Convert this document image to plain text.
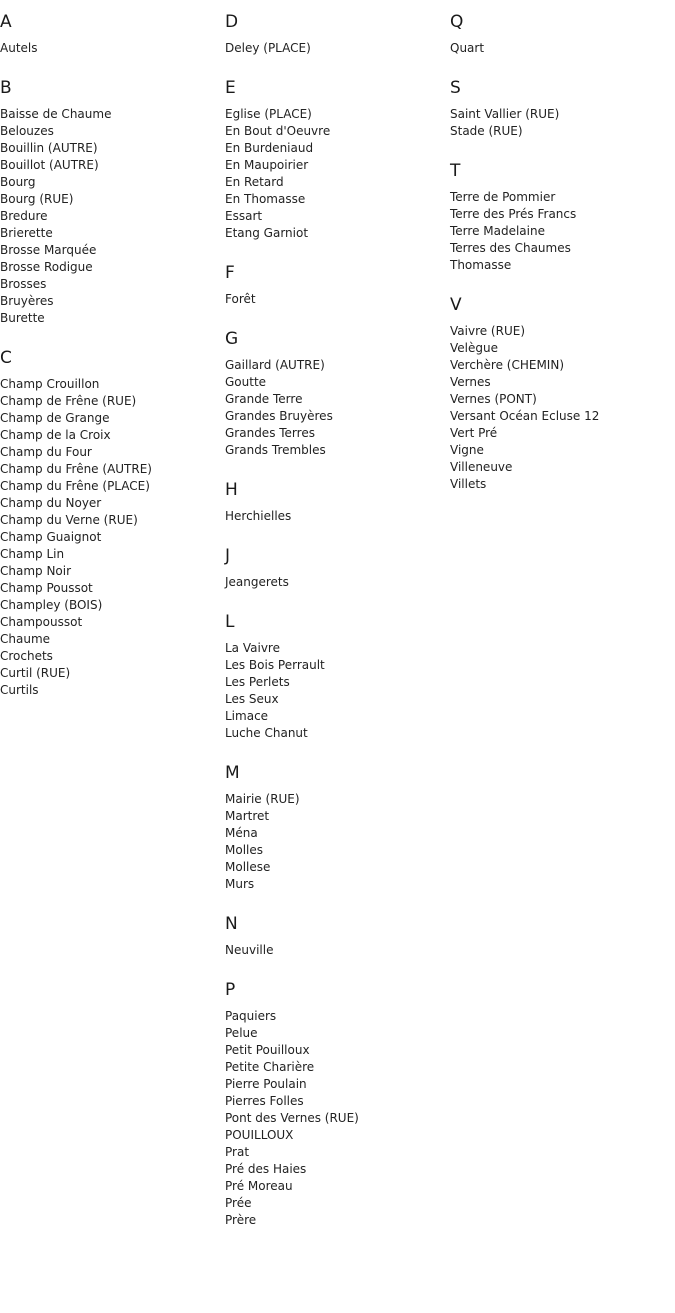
A
Autels
B
Baisse de Chaume
Belouzes
Bouillin (AUTRE)
Bouillot (AUTRE)
Bourg
Bourg (RUE)
Bredure
Brierette
Brosse Marquée
Brosse Rodigue
Brosses
Bruyères
Burette
C
Champ Crouillon
Champ de Frêne (RUE)
Champ de Grange
Champ de la Croix
Champ du Four
Champ du Frêne (AUTRE)
Champ du Frêne (PLACE)
Champ du Noyer
Champ du Verne (RUE)
Champ Guaignot
Champ Lin
Champ Noir
Champ Poussot
Champley (BOIS)
Champoussot
Chaume
Crochets
Curtil (RUE)
Curtils
D
Deley (PLACE)
E
Eglise (PLACE)
En Bout d'Oeuvre
En Burdeniaud
En Maupoirier
En Retard
En Thomasse
Essart
Etang Garniot
F
Forêt
G
Gaillard (AUTRE)
Goutte
Grande Terre
Grandes Bruyères
Grandes Terres
Grands Trembles
H
Herchielles
J
Jeangerets
L
La Vaivre
Les Bois Perrault
Les Perlets
Les Seux
Limace
Luche Chanut
M
Mairie (RUE)
Martret
Ména
Molles
Mollese
Murs
N
Neuville
P
Paquiers
Pelue
Petit Pouilloux
Petite Charière
Pierre Poulain
Pierres Folles
Pont des Vernes (RUE)
POUILLOUX
Prat
Pré des Haies
Pré Moreau
Prée
Prère
Q
Quart
S
Saint Vallier (RUE)
Stade (RUE)
T
Terre de Pommier
Terre des Prés Francs
Terre Madelaine
Terres des Chaumes
Thomasse
V
Vaivre (RUE)
Velègue
Verchère (CHEMIN)
Vernes
Vernes (PONT)
Versant Océan Ecluse 12
Vert Pré
Vigne
Villeneuve
Villets
